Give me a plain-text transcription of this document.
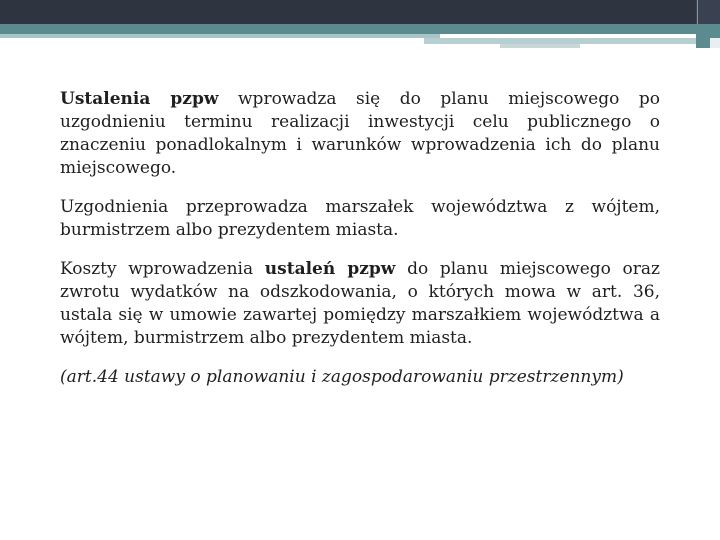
Ustalenia pzpw wprowadza się do planu miejscowego po uzgodnieniu terminu realizacji inwestycji celu publicznego o znaczeniu ponadlokalnym i warunków wprowadzenia ich do planu miejscowego.

Uzgodnienia przeprowadza marszałek województwa z wójtem, burmistrzem albo prezydentem miasta.

Koszty wprowadzenia ustaleń pzpw do planu miejscowego oraz zwrotu wydatków na odszkodowania, o których mowa w art. 36, ustala się w umowie zawartej pomiędzy marszałkiem województwa a wójtem, burmistrzem albo prezydentem miasta.

(art.44 ustawy o planowaniu i zagospodarowaniu przestrzennym)
